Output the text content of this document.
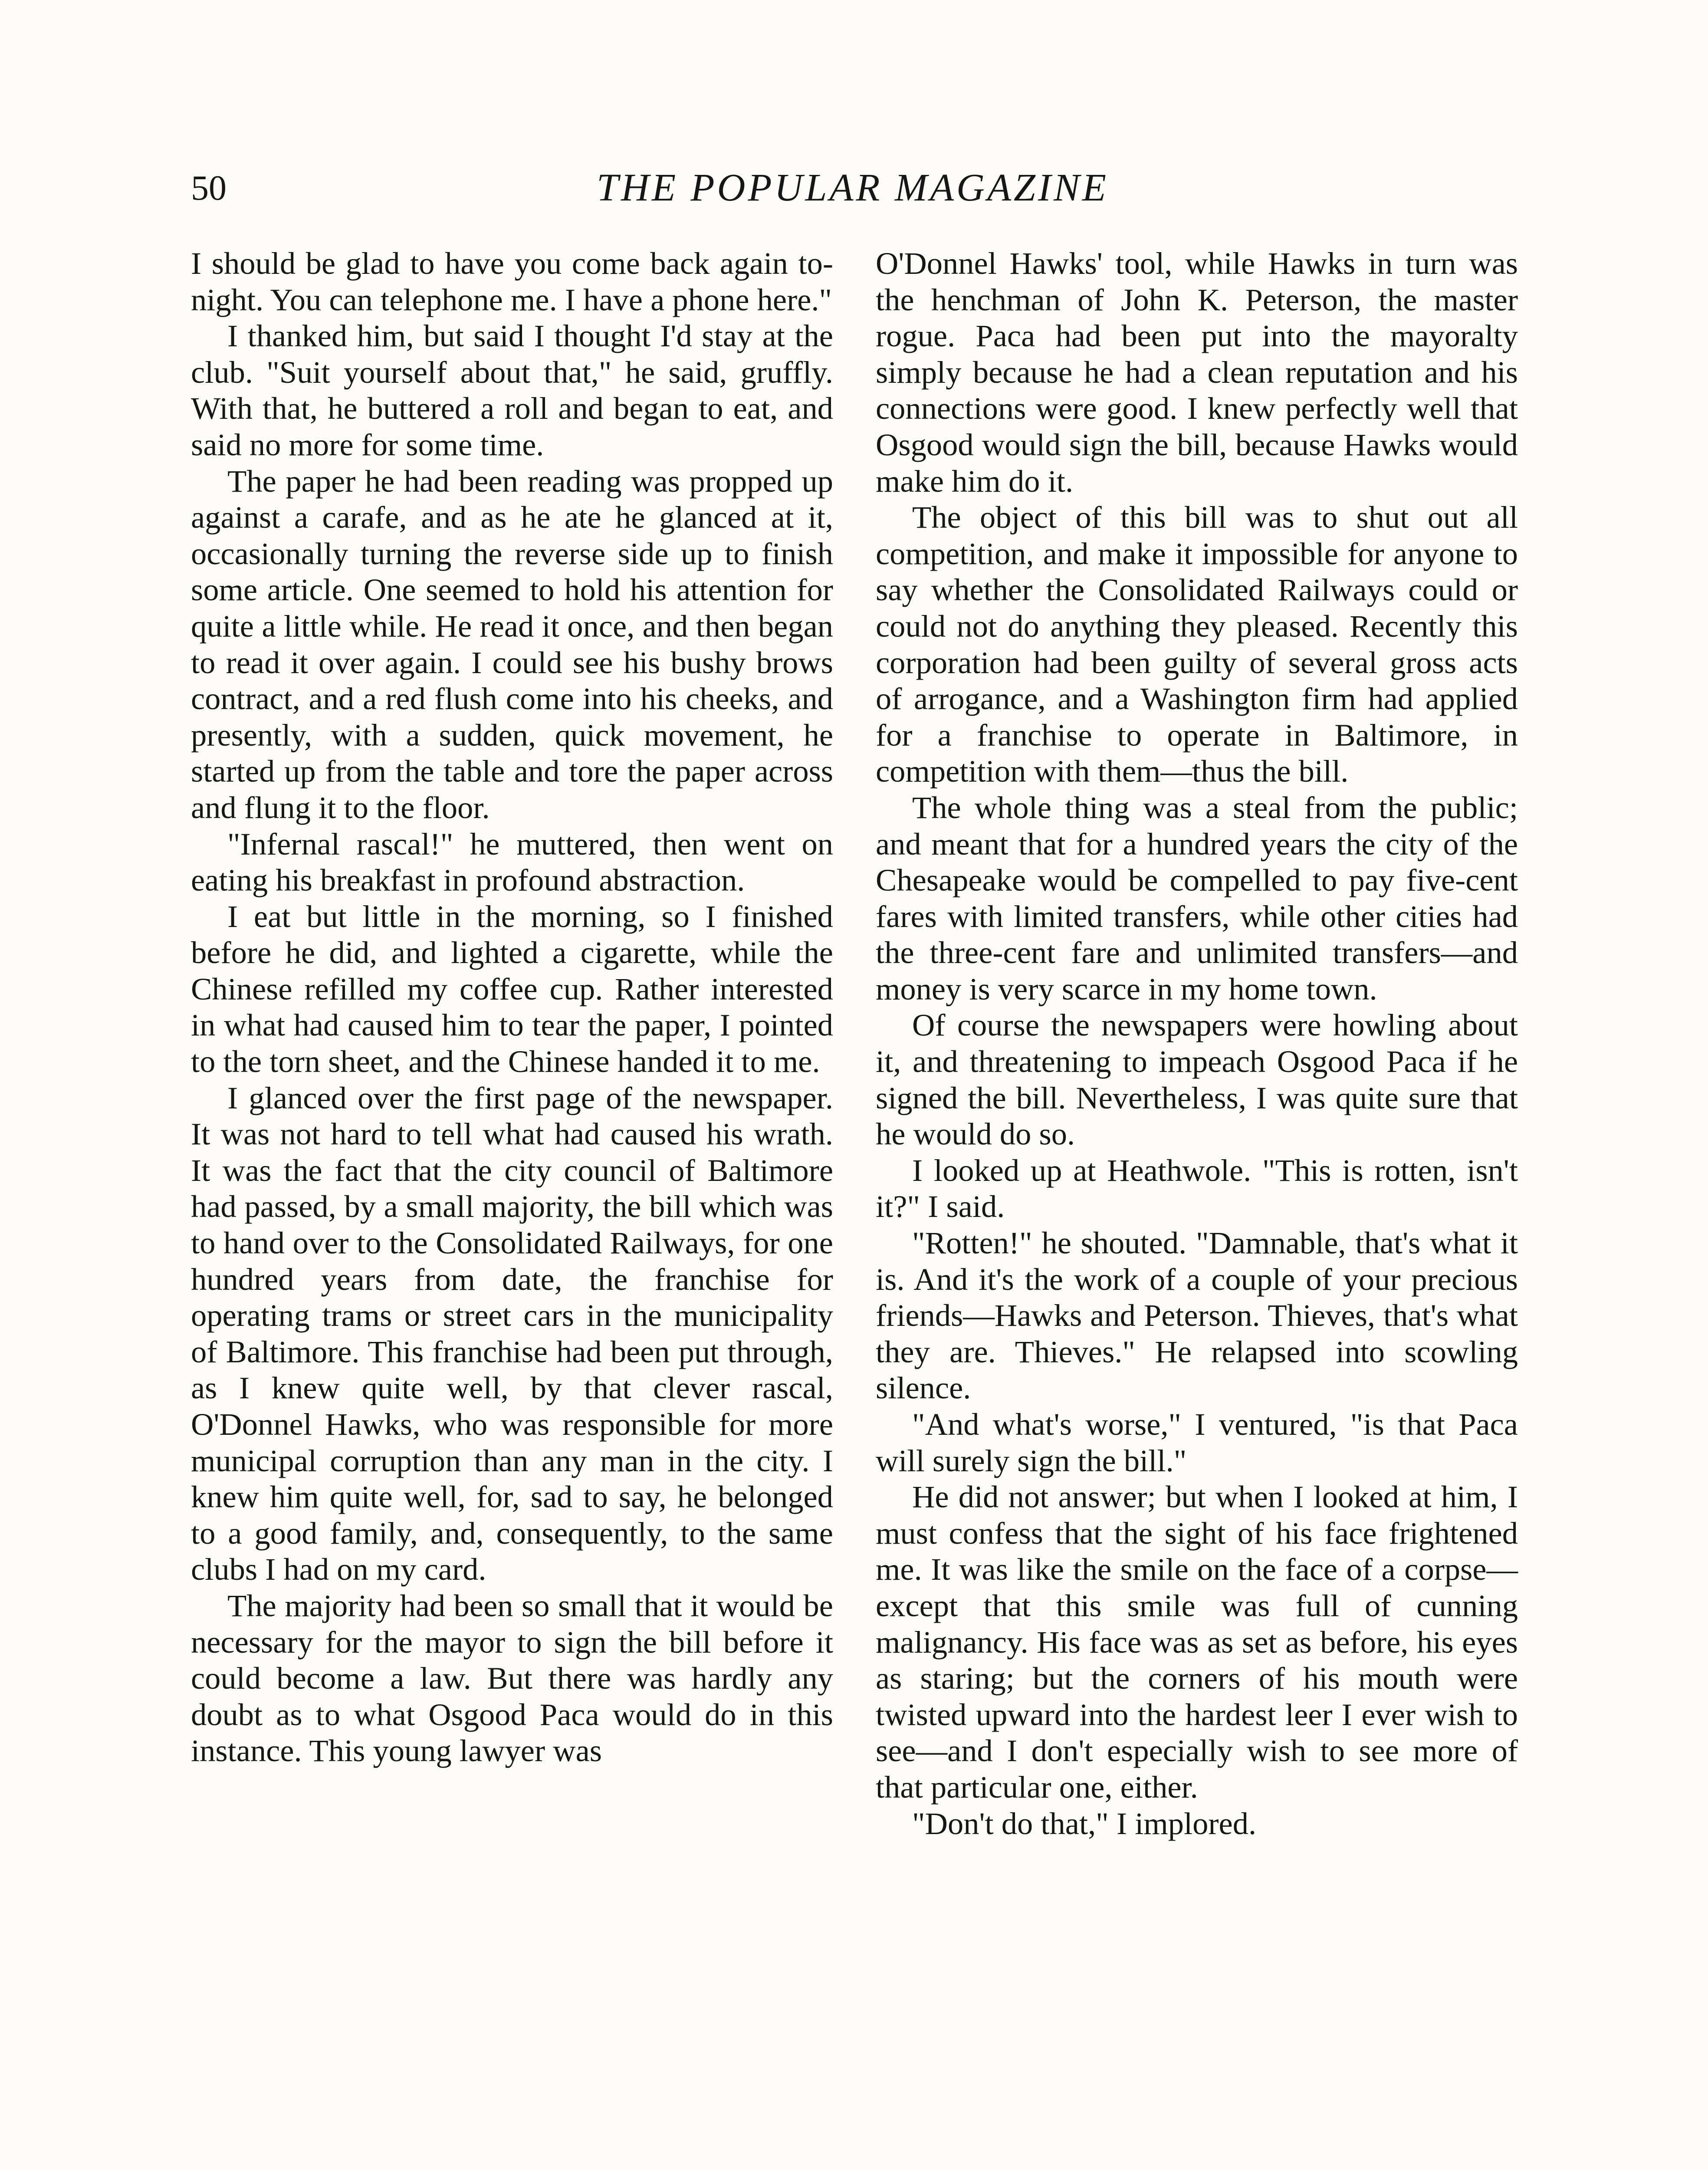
50	THE POPULAR MAGAZINE

I should be glad to have you come back again to-night. You can telephone me. I have a phone here."

I thanked him, but said I thought I'd stay at the club. "Suit yourself about that," he said, gruffly. With that, he buttered a roll and began to eat, and said no more for some time.

The paper he had been reading was propped up against a carafe, and as he ate he glanced at it, occasionally turning the reverse side up to finish some article. One seemed to hold his attention for quite a little while. He read it once, and then began to read it over again. I could see his bushy brows contract, and a red flush come into his cheeks, and presently, with a sudden, quick movement, he started up from the table and tore the paper across and flung it to the floor.

"Infernal rascal!" he muttered, then went on eating his breakfast in profound abstraction.

I eat but little in the morning, so I finished before he did, and lighted a cigarette, while the Chinese refilled my coffee cup. Rather interested in what had caused him to tear the paper, I pointed to the torn sheet, and the Chinese handed it to me.

I glanced over the first page of the newspaper. It was not hard to tell what had caused his wrath. It was the fact that the city council of Baltimore had passed, by a small majority, the bill which was to hand over to the Consolidated Railways, for one hundred years from date, the franchise for operating trams or street cars in the municipality of Baltimore. This franchise had been put through, as I knew quite well, by that clever rascal, O'Donnel Hawks, who was responsible for more municipal corruption than any man in the city. I knew him quite well, for, sad to say, he belonged to a good family, and, consequently, to the same clubs I had on my card.

The majority had been so small that it would be necessary for the mayor to sign the bill before it could become a law. But there was hardly any doubt as to what Osgood Paca would do in this instance. This young lawyer was

O'Donnel Hawks' tool, while Hawks in turn was the henchman of John K. Peterson, the master rogue. Paca had been put into the mayoralty simply because he had a clean reputation and his connections were good. I knew perfectly well that Osgood would sign the bill, because Hawks would make him do it.

The object of this bill was to shut out all competition, and make it impossible for anyone to say whether the Consolidated Railways could or could not do anything they pleased. Recently this corporation had been guilty of several gross acts of arrogance, and a Washington firm had applied for a franchise to operate in Baltimore, in competition with them—thus the bill.

The whole thing was a steal from the public; and meant that for a hundred years the city of the Chesapeake would be compelled to pay five-cent fares with limited transfers, while other cities had the three-cent fare and unlimited transfers—and money is very scarce in my home town.

Of course the newspapers were howling about it, and threatening to impeach Osgood Paca if he signed the bill. Nevertheless, I was quite sure that he would do so.

I looked up at Heathwole. "This is rotten, isn't it?" I said.

"Rotten!" he shouted. "Damnable, that's what it is. And it's the work of a couple of your precious friends—Hawks and Peterson. Thieves, that's what they are. Thieves." He relapsed into scowling silence.

"And what's worse," I ventured, "is that Paca will surely sign the bill."

He did not answer; but when I looked at him, I must confess that the sight of his face frightened me. It was like the smile on the face of a corpse—except that this smile was full of cunning malignancy. His face was as set as before, his eyes as staring; but the corners of his mouth were twisted upward into the hardest leer I ever wish to see—and I don't especially wish to see more of that particular one, either.

"Don't do that," I implored.
